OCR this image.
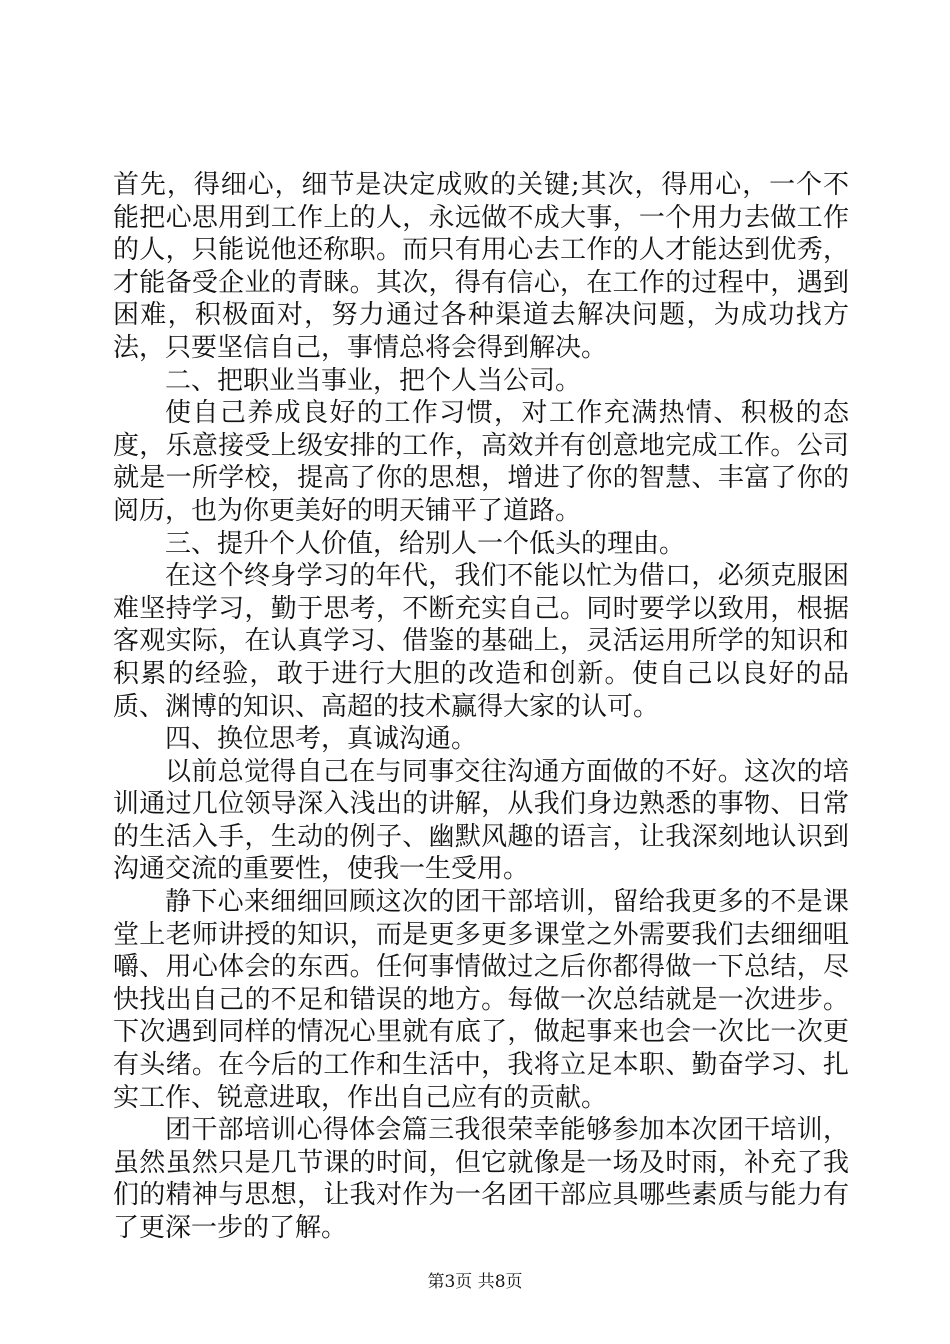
首先，得细心，细节是决定成败的关键;其次，得用心，一个不能把心思用到工作上的人，永远做不成大事，一个用力去做工作的人，只能说他还称职。而只有用心去工作的人才能达到优秀，才能备受企业的青睐。其次，得有信心，在工作的过程中，遇到困难，积极面对，努力通过各种渠道去解决问题，为成功找方法，只要坚信自己，事情总将会得到解决。

二、把职业当事业，把个人当公司。

使自己养成良好的工作习惯，对工作充满热情、积极的态度，乐意接受上级安排的工作，高效并有创意地完成工作。公司就是一所学校，提高了你的思想，增进了你的智慧、丰富了你的阅历，也为你更美好的明天铺平了道路。

三、提升个人价值，给别人一个低头的理由。

在这个终身学习的年代，我们不能以忙为借口，必须克服困难坚持学习，勤于思考，不断充实自己。同时要学以致用，根据客观实际，在认真学习、借鉴的基础上，灵活运用所学的知识和积累的经验，敢于进行大胆的改造和创新。使自己以良好的品质、渊博的知识、高超的技术赢得大家的认可。

四、换位思考，真诚沟通。

以前总觉得自己在与同事交往沟通方面做的不好。这次的培训通过几位领导深入浅出的讲解，从我们身边熟悉的事物、日常的生活入手，生动的例子、幽默风趣的语言，让我深刻地认识到沟通交流的重要性，使我一生受用。

静下心来细细回顾这次的团干部培训，留给我更多的不是课堂上老师讲授的知识，而是更多更多课堂之外需要我们去细细咀嚼、用心体会的东西。任何事情做过之后你都得做一下总结，尽快找出自己的不足和错误的地方。每做一次总结就是一次进步。下次遇到同样的情况心里就有底了，做起事来也会一次比一次更有头绪。在今后的工作和生活中，我将立足本职、勤奋学习、扎实工作、锐意进取，作出自己应有的贡献。

团干部培训心得体会篇三我很荣幸能够参加本次团干培训，虽然虽然只是几节课的时间，但它就像是一场及时雨，补充了我们的精神与思想，让我对作为一名团干部应具哪些素质与能力有了更深一步的了解。

第3页 共8页
